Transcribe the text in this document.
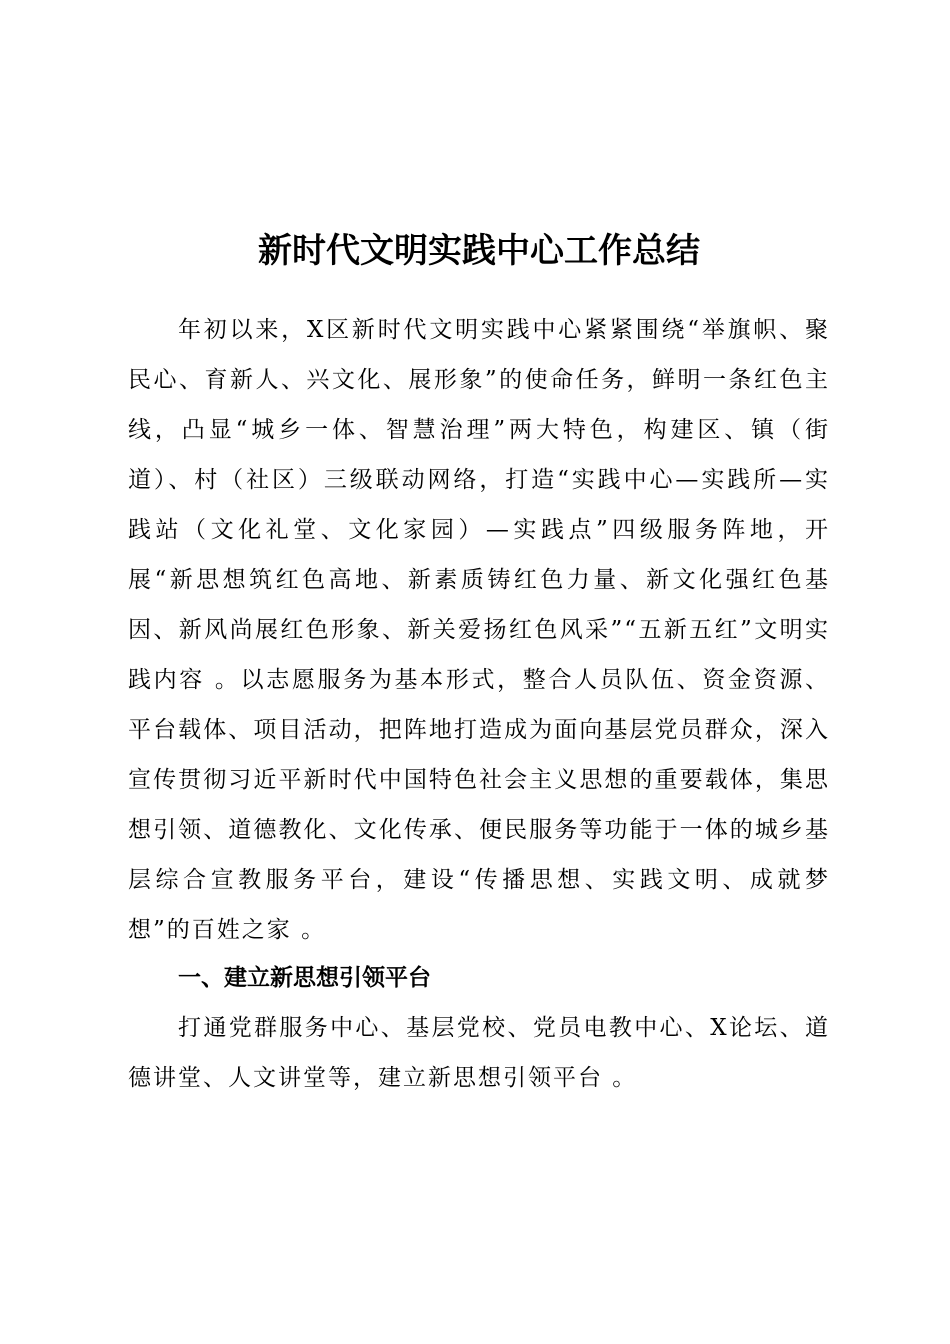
新时代文明实践中心工作总结

年初以来，X区新时代文明实践中心紧紧围绕“举旗帜、聚民心、育新人、兴文化、展形象”的使命任务，鲜明一条红色主线，凸显“城乡一体、智慧治理”两大特色，构建区、镇（街道）、村（社区）三级联动网络，打造“实践中心—实践所—实践站（文化礼堂、文化家园）—实践点”四级服务阵地，开展“新思想筑红色高地、新素质铸红色力量、新文化强红色基因、新风尚展红色形象、新关爱扬红色风采”“五新五红”文明实践内容 。以志愿服务为基本形式，整合人员队伍、资金资源、平台载体、项目活动，把阵地打造成为面向基层党员群众，深入宣传贯彻习近平新时代中国特色社会主义思想的重要载体，集思想引领、道德教化、文化传承、便民服务等功能于一体的城乡基层综合宣教服务平台，建设“传播思想、实践文明、成就梦想”的百姓之家 。

一、建立新思想引领平台

打通党群服务中心、基层党校、党员电教中心、X论坛、道德讲堂、人文讲堂等，建立新思想引领平台 。
